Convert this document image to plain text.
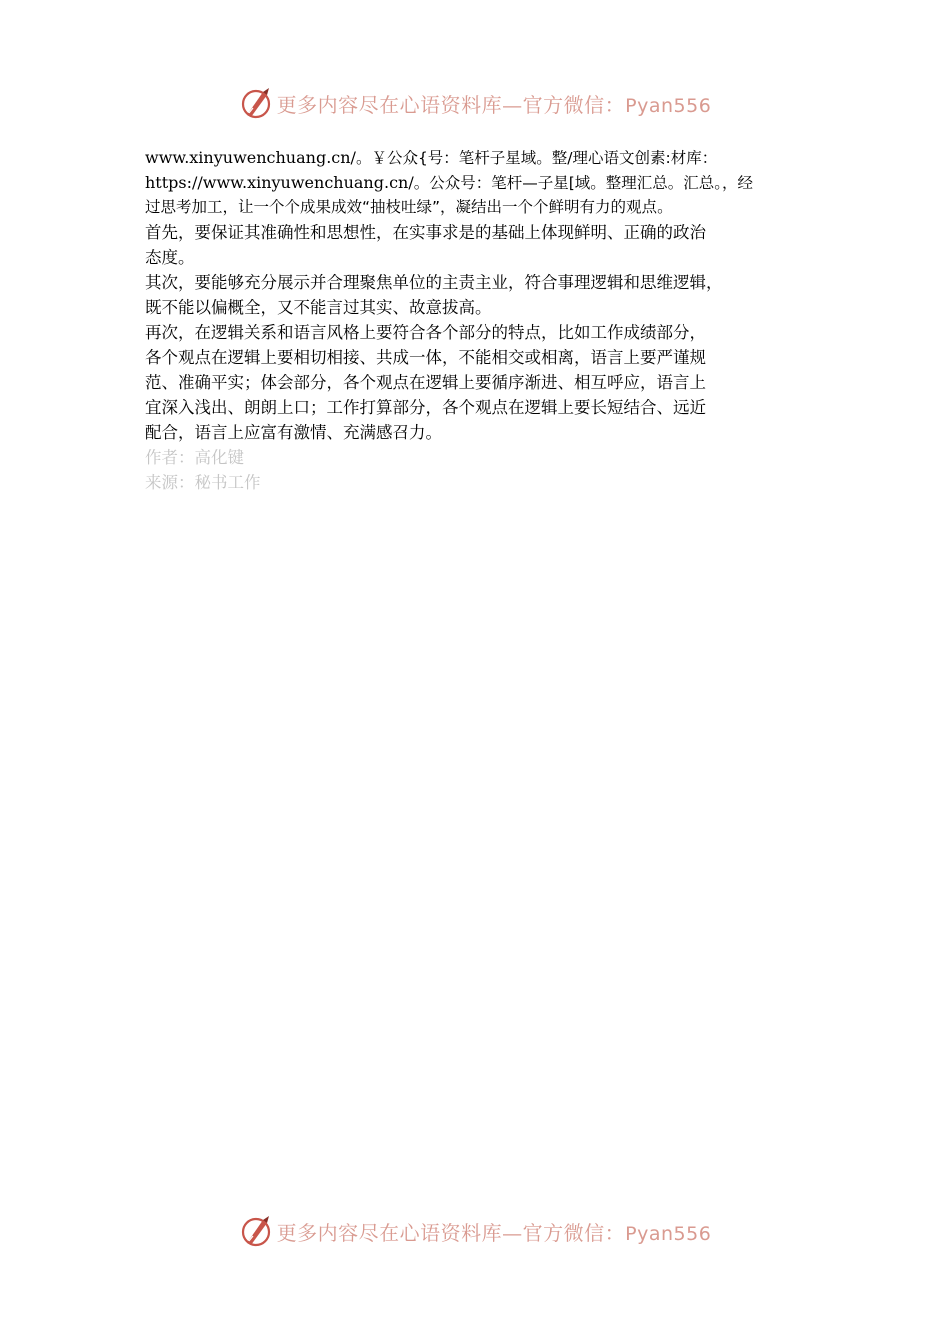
更多内容尽在心语资料库—官方微信：Pyan556
www.xinyuwenchuang.cn/。￥公众{号：笔杆子星域。整/理心语文创素:材库：
https://www.xinyuwenchuang.cn/。公众号：笔杆—子星[域。整理汇总。汇总。，经
过思考加工，让一个个成果成效“抽枝吐绿”，凝结出一个个鲜明有力的观点。
首先，要保证其准确性和思想性，在实事求是的基础上体现鲜明、正确的政治
态度。
其次，要能够充分展示并合理聚焦单位的主责主业，符合事理逻辑和思维逻辑，
既不能以偏概全，又不能言过其实、故意拔高。
再次，在逻辑关系和语言风格上要符合各个部分的特点，比如工作成绩部分，
各个观点在逻辑上要相切相接、共成一体，不能相交或相离，语言上要严谨规
范、准确平实；体会部分，各个观点在逻辑上要循序渐进、相互呼应，语言上
宜深入浅出、朗朗上口；工作打算部分，各个观点在逻辑上要长短结合、远近
配合，语言上应富有激情、充满感召力。
作者：高化键
来源：秘书工作
更多内容尽在心语资料库—官方微信：Pyan556
